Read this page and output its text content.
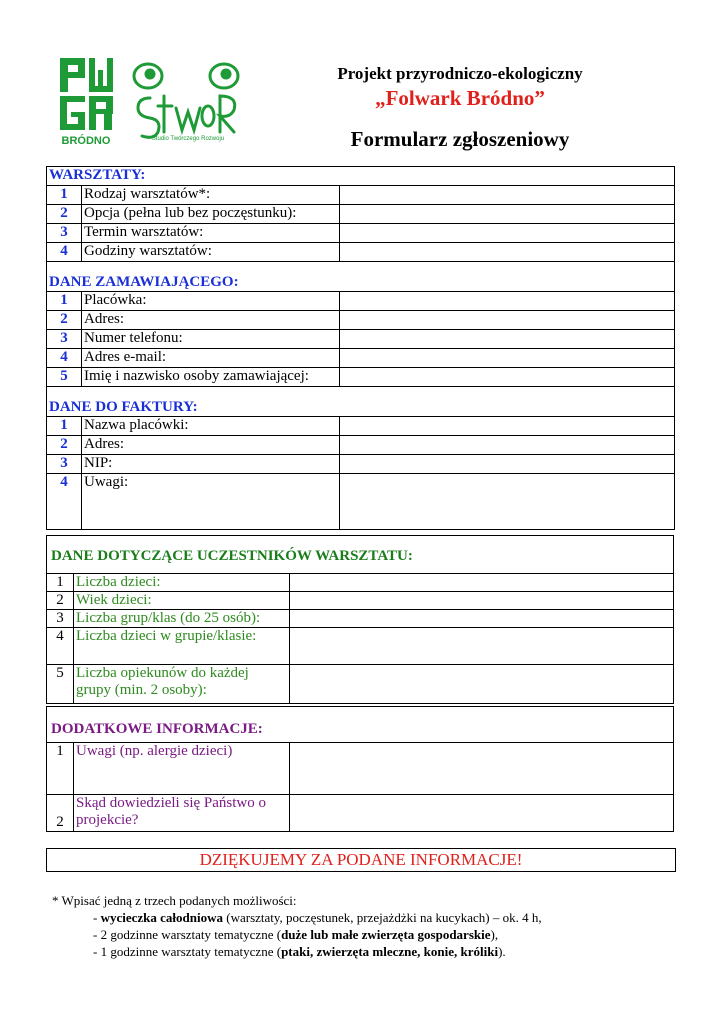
BRÓDNO	Studio Twórczego Rozwoju
Projekt przyrodniczo-ekologiczny
„Folwark Bródno”
Formularz zgłoszeniowy
WARSZTATY:		
1	Rodzaj warsztatów*:	
2	Opcja (pełna lub bez poczęstunku):	
3	Termin warsztatów:	
4	Godziny warsztatów:	
DANE ZAMAWIAJĄCEGO:		
1	Placówka:	
2	Adres:	
3	Numer telefonu:	
4	Adres e-mail:	
5	Imię i nazwisko osoby zamawiającej:	
DANE DO FAKTURY:		
1	Nazwa placówki:	
2	Adres:	
3	NIP:	
4	Uwagi:	
DANE DOTYCZĄCE UCZESTNIKÓW WARSZTATU:		
1	Liczba dzieci:	
2	Wiek dzieci:	
3	Liczba grup/klas (do 25 osób):	
4	Liczba dzieci w grupie/klasie:	
5	Liczba opiekunów do każdej grupy (min. 2 osoby):	
DODATKOWE INFORMACJE:		
1	Uwagi (np. alergie dzieci)	
2	Skąd dowiedzieli się Państwo o projekcie?	
DZIĘKUJEMY ZA PODANE INFORMACJE!
* Wpisać jedną z trzech podanych możliwości:
- wycieczka całodniowa (warsztaty, poczęstunek, przejażdżki na kucykach) – ok. 4 h,
- 2 godzinne warsztaty tematyczne (duże lub małe zwierzęta gospodarskie),
- 1 godzinne warsztaty tematyczne (ptaki, zwierzęta mleczne, konie, króliki).
